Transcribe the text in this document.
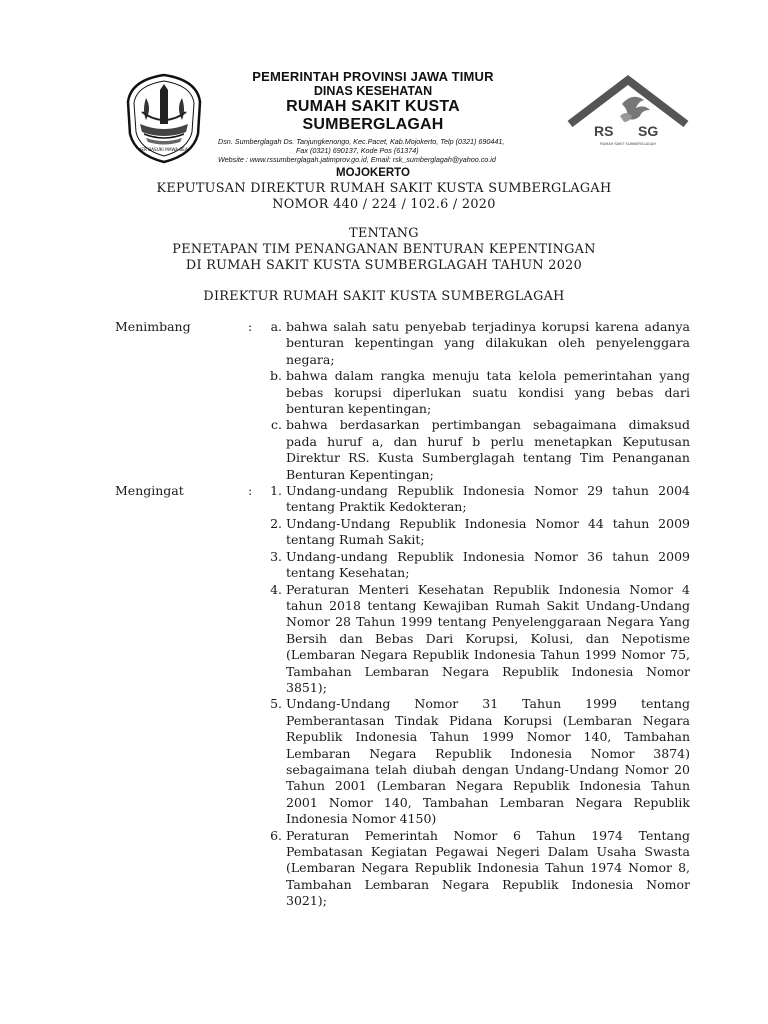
JER BASUKI MAWA BEA
PEMERINTAH PROVINSI JAWA TIMUR
DINAS KESEHATAN
RUMAH SAKIT KUSTA SUMBERGLAGAH
Dsn. Sumberglagah Ds. Tanjungkenongo, Kec.Pacet, Kab.Mojokerto, Telp (0321) 690441,
Fax (0321) 690137, Kode Pos (61374)
Website : www.rssumberglagah.jatimprov.go.id, Email: rsk_sumberglagah@yahoo.co.id
MOJOKERTO
RS SG
RUMAH SAKIT SUMBERGLAGAH
KEPUTUSAN DIREKTUR RUMAH SAKIT KUSTA SUMBERGLAGAH
NOMOR 440 / 224 / 102.6 / 2020
TENTANG
PENETAPAN TIM PENANGANAN BENTURAN KEPENTINGAN
DI RUMAH SAKIT KUSTA SUMBERGLAGAH TAHUN 2020
DIREKTUR RUMAH SAKIT KUSTA SUMBERGLAGAH
Menimbang	:	a. bahwa salah satu penyebab terjadinya korupsi karena adanya benturan kepentingan yang dilakukan oleh penyelenggara negara;
b. bahwa dalam rangka menuju tata kelola pemerintahan yang bebas korupsi diperlukan suatu kondisi yang bebas dari benturan kepentingan;
c. bahwa berdasarkan pertimbangan sebagaimana dimaksud pada huruf a, dan huruf b perlu menetapkan Keputusan Direktur RS. Kusta Sumberglagah tentang Tim Penanganan Benturan Kepentingan;
Mengingat	:	1. Undang-undang Republik Indonesia Nomor 29 tahun 2004 tentang Praktik Kedokteran;
2. Undang-Undang Republik Indonesia Nomor 44 tahun 2009 tentang Rumah Sakit;
3. Undang-undang Republik Indonesia Nomor 36 tahun 2009 tentang Kesehatan;
4. Peraturan Menteri Kesehatan Republik Indonesia Nomor 4 tahun 2018 tentang Kewajiban Rumah Sakit Undang-Undang Nomor 28 Tahun 1999 tentang Penyelenggaraan Negara Yang Bersih dan Bebas Dari Korupsi, Kolusi, dan Nepotisme (Lembaran Negara Republik Indonesia Tahun 1999 Nomor 75, Tambahan Lembaran Negara Republik Indonesia Nomor 3851);
5. Undang-Undang Nomor 31 Tahun 1999 tentang Pemberantasan Tindak Pidana Korupsi (Lembaran Negara Republik Indonesia Tahun 1999 Nomor 140, Tambahan Lembaran Negara Republik Indonesia Nomor 3874) sebagaimana telah diubah dengan Undang-Undang Nomor 20 Tahun 2001 (Lembaran Negara Republik Indonesia Tahun 2001 Nomor 140, Tambahan Lembaran Negara Republik Indonesia Nomor 4150)
6. Peraturan Pemerintah Nomor 6 Tahun 1974 Tentang Pembatasan Kegiatan Pegawai Negeri Dalam Usaha Swasta (Lembaran Negara Republik Indonesia Tahun 1974 Nomor 8, Tambahan Lembaran Negara Republik Indonesia Nomor 3021);
